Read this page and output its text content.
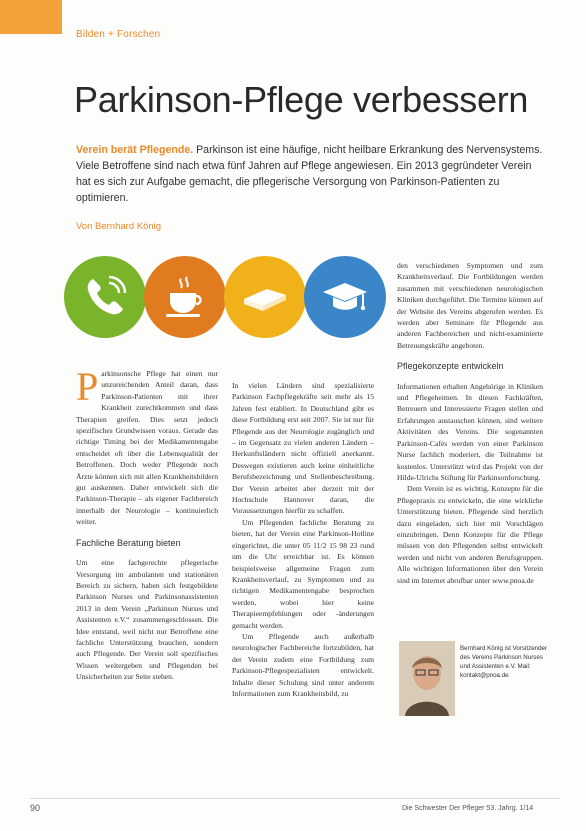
Bilden + Forschen
Parkinson-Pflege verbessern

Verein berät Pflegende. Parkinson ist eine häufige, nicht heilbare Erkrankung des Nervensystems. Viele Betroffene sind nach etwa fünf Jahren auf Pflege angewiesen. Ein 2013 gegründeter Verein hat es sich zur Aufgabe gemacht, die pflegerische Versorgung von Parkinson-Patienten zu optimieren.

Von Bernhard König

Parkinsonsche Pflege hat einen nur unzureichenden Anteil daran, dass Parkinson-Patienten mit ihrer Krankheit zurechtkommen und dass Therapien greifen. Dies setzt jedoch spezifisches Grundwissen voraus. Gerade das richtige Timing bei der Medikamentengabe entscheidet oft über die Lebensqualität der Betroffenen. Doch weder Pflegende noch Ärzte können sich mit allen Krankheitsbildern gut auskennen. Daher entwickelt sich die Parkinson-Therapie – als eigener Fachbereich innerhalb der Neurologie – kontinuierlich weiter.

Fachliche Beratung bieten

Um eine fachgerechte pflegerische Versorgung im ambulanten und stationären Bereich zu sichern, haben sich festgebildete Parkinson Nurses und Parkinsonassistenten 2013 in dem Verein „Parkinson Nurses und Assistenten e.V.“ zusammengeschlossen. Die Idee entstand, weil nicht nur Betroffene eine fachliche Unterstützung brauchen, sondern auch Pflegende. Der Verein soll spezifisches Wissen weitergeben und Pflegenden bei Unsicherheiten zur Seite stehen.

In vielen Ländern sind spezialisierte Parkinson Fachpflegekräfte seit mehr als 15 Jahren fest etabliert. In Deutschland gibt es diese Fortbildung erst seit 2007. Sie ist nur für Pflegende aus der Neurologie zugänglich und – im Gegensatz zu vielen anderen Ländern – Herkunftsländern nicht offiziell anerkannt. Deswegen existieren auch keine einheitliche Berufsbezeichnung und Stellenbeschreibung. Der Verein arbeitet aber derzeit mit der Hochschule Hannover daran, die Voraussetzungen hierfür zu schaffen.

Um Pflegenden fachliche Beratung zu bieten, hat der Verein eine Parkinson-Hotline eingerichtet, die unter 05 11/2 15 98 23 rund um die Uhr erreichbar ist. Es können beispielsweise allgemeine Fragen zum Krankheitsverlauf, zu Symptomen und zu richtigen Medikamentengabe besprochen werden, wobei hier keine Therapieempfehlungen oder -änderungen gemacht werden.

Um Pflegende auch außerhalb neurologischer Fachbereiche fortzubilden, hat der Verein zudem eine Fortbildung zum Parkinson-Pflegespezialisten entwickelt. Inhalte dieser Schulung sind unter anderem Informationen zum Krankheitsbild, zu

den verschiedenen Symptomen und zum Krankheitsverlauf. Die Fortbildungen werden zusammen mit verschiedenen neurologischen Kliniken durchgeführt. Die Termine können auf der Website des Vereins abgerufen werden. Es werden aber Seminare für Pflegende aus anderen Fachbereichen und nicht-examinierte Betreuungskräfte angeboten.

Pflegekonzepte entwickeln

Informationen erhalten Angehörige in Kliniken und Pflegeheimen. In diesen Fachkräften, Betreuern und Interessierte Fragen stellen und Erfahrungen austauschen können, sind weitere Aktivitäten des Vereins. Die sogenannten Parkinson-Cafés werden von einer Parkinson Nurse fachlich moderiert, die Teilnahme ist kostenlos. Unterstützt wird das Projekt von der Hilde-Ulrichs Stiftung für Parkinsonforschung.

Dem Verein ist es wichtig, Konzepte für die Pflegepraxis zu entwickeln, die eine wirkliche Unterstützung bieten. Pflegende sind herzlich dazu eingeladen, sich hier mit Vorschlägen einzubringen. Denn Konzepte für die Pflege müssen von den Pflegenden selbst entwickelt werden und nicht von anderen Berufsgruppen. Alle wichtigen Informationen über den Verein sind im Internet abrufbar unter www.pnoa.de

Bernhard König ist Vorsitzender des Vereins Parkinson Nurses und Assistenten e.V. Mail: kontakt@pnoa.de
90	Die Schwester Der Pfleger 53. Jahrg. 1/14
